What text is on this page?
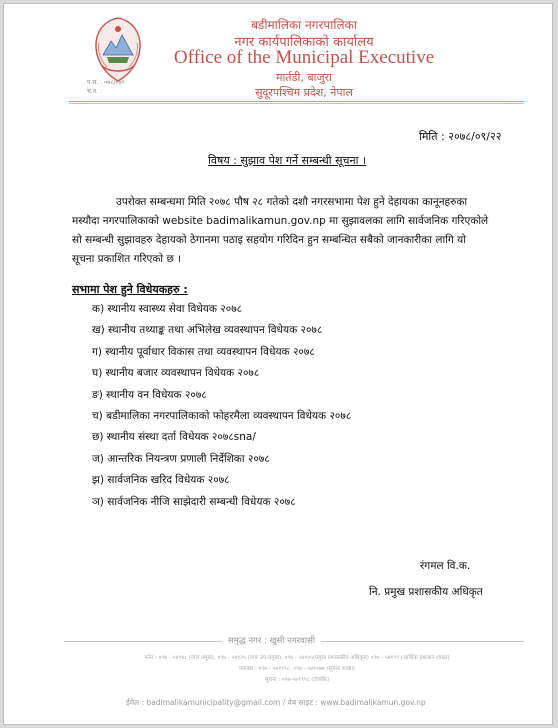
बडीमालिका नगरपालिका
नगर कार्यपालिकाको कार्यालय
Office of the Municipal Executive
मार्तडी, बाजुरा
सुदूरपश्चिम प्रदेश, नेपाल
प.स. : ०७८/०७९
च.न. :
मिति : २०७८/०९/२२
विषय : सुझाव पेश गर्ने सम्बन्धी सूचना ।
उपरोक्त सम्बन्धमा मिति २०७८ पौष २८ गतेको दशौ नगरसभामा पेश हुने देहायका कानूनहरुका
मस्यौदा नगरपालिकाको website badimalikamun.gov.np मा सुझावलका लागि सार्वजनिक गरिएकोले
सो सम्बन्धी सुझावहरु देहायको ठेगानमा पठाइ सहयोग गरिदिन हुन सम्बन्धित सबैको जानकारीका लागि यो
सूचना प्रकाशित गरिएको छ ।
सभामा पेश हुने विधेयकहरु :
क) स्थानीय स्वास्थ्य सेवा विधेयक २०७८
ख) स्थानीय तथ्याङ्क तथा अभिलेख व्यवस्थापन विधेयक २०७८
ग) स्थानीय पूर्वाधार विकास तथा व्यवस्थापन विधेयक २०७८
घ) स्थानीय बजार व्यवस्थापन विधेयक २०७८
ङ) स्थानीय वन विधेयक २०७८
च) बडीमालिका नगरपालिकाको फोहरमैला व्यवस्थापन विधेयक २०७८
छ) स्थानीय संस्था दर्ता विधेयक २०७८sna/
ज) आन्तरिक नियन्त्रण प्रणाली निर्देशिका २०७८
झ) सार्वजनिक खरिद विधेयक २०७८
ञ) सार्वजनिक नीजि साझेदारी सम्बन्धी विधेयक २०७८
रंगमल वि.क.
नि. प्रमुख प्रशासकीय अधिकृत
समृद्ध नगर : खुसी नगरवासी
फोन : ०९७ - ५४१४८ (नगर प्रमुख), ०९७ - ५४१२५ (नगर उप-प्रमुख), ०९७ - ५४१०५(प्रमुख प्रशासकीय अधिकृत) ०९७ - ५४१९९ (आर्थिक प्रशासन शाखा)
फ्याक्स : ०९७ - ५४१९९८, ०९७ - ५४१०७७ (सूचना शाखा)
सूचना : ०९७-५४१९९८ (टोलफ्रि)
ईमेल : badimalikamunicipality@gmail.com / वेब साइट : www.badimalikamun.gov.np
